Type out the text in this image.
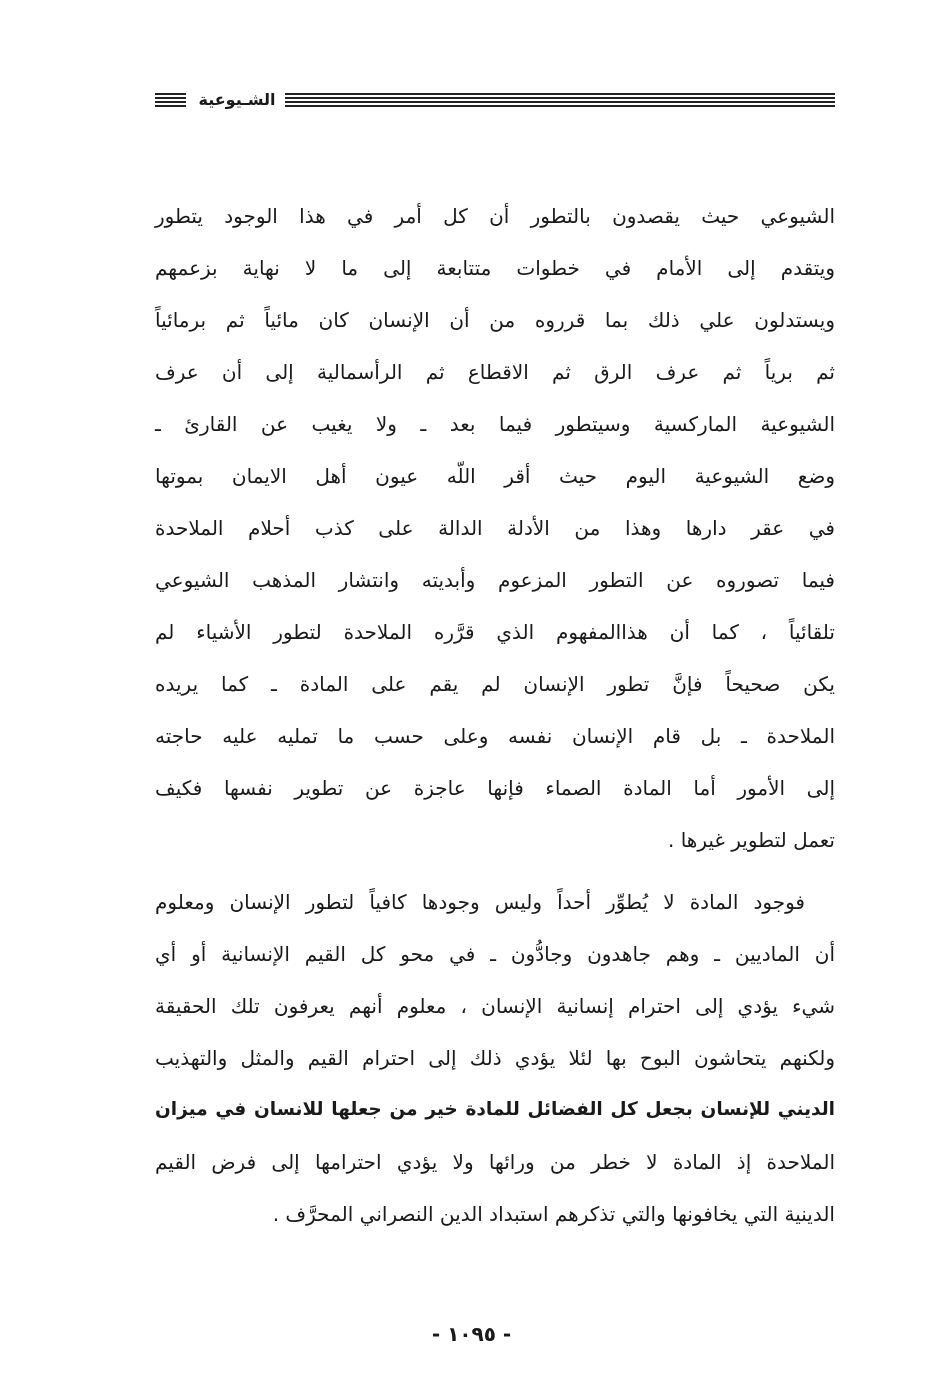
الشـيوعية
الشيوعي حيث يقصدون بالتطور أن كل أمر في هذا الوجود يتطور
ويتقدم إلى الأمام في خطوات متتابعة إلى ما لا نهاية بزعمهم
ويستدلون علي ذلك بما قرروه من أن الإنسان كان مائياً ثم برمائياً
ثم برياً ثم عرف الرق ثم الاقطاع ثم الرأسمالية إلى أن عرف
الشيوعية الماركسية وسيتطور فيما بعد ـ ولا يغيب عن القارئ ـ
وضع الشيوعية اليوم حيث أقر اللّه عيون أهل الايمان بموتها
في عقر دارها وهذا من الأدلة الدالة على كذب أحلام الملاحدة
فيما تصوروه عن التطور المزعوم وأبديته وانتشار المذهب الشيوعي
تلقائياً ، كما أن هذاالمفهوم الذي قرَّره الملاحدة لتطور الأشياء لم
يكن صحيحاً فإنَّ تطور الإنسان لم يقم على المادة ـ كما يريده
الملاحدة ـ بل قام الإنسان نفسه وعلى حسب ما تمليه عليه حاجته
إلى الأمور أما المادة الصماء فإنها عاجزة عن تطوير نفسها فكيف
تعمل لتطوير غيرها .
فوجود المادة لا يُطوِّر أحداً وليس وجودها كافياً لتطور الإنسان ومعلوم
أن الماديين ـ وهم جاهدون وجادُّون ـ في محو كل القيم الإنسانية أو أي
شيء يؤدي إلى احترام إنسانية الإنسان ، معلوم أنهم يعرفون تلك الحقيقة
ولكنهم يتحاشون البوح بها لئلا يؤدي ذلك إلى احترام القيم والمثل والتهذيب
الديني للإنسان بجعل كل الفضائل للمادة خير من جعلها للانسان في ميزان
الملاحدة إذ المادة لا خطر من ورائها ولا يؤدي احترامها إلى فرض القيم
الدينية التي يخافونها والتي تذكرهم استبداد الدين النصراني المحرَّف .
- ١٠٩٥ -
